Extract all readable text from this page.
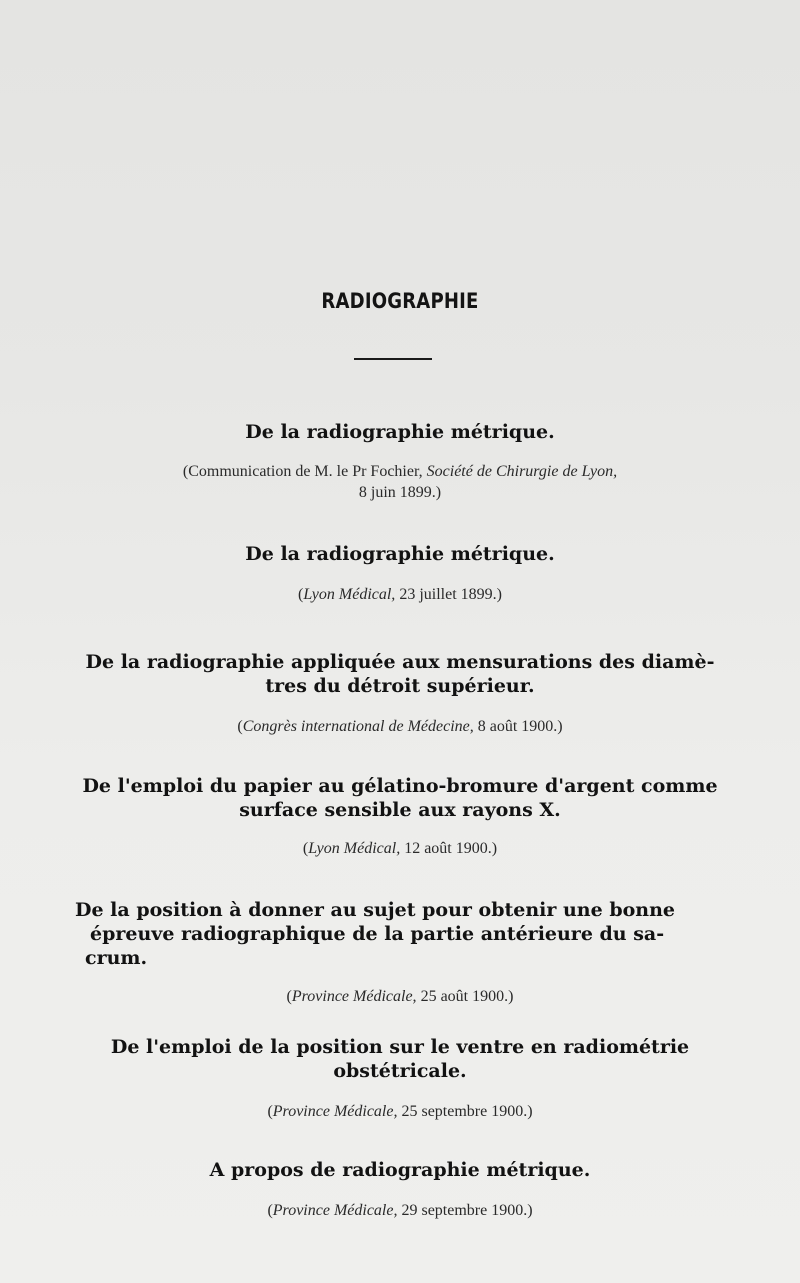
RADIOGRAPHIE
De la radiographie métrique.
(Communication de M. le Pr Fochier, Société de Chirurgie de Lyon,
8 juin 1899.)
De la radiographie métrique.
(Lyon Médical, 23 juillet 1899.)
De la radiographie appliquée aux mensurations des diamè-
tres du détroit supérieur.
(Congrès international de Médecine, 8 août 1900.)
De l'emploi du papier au gélatino-bromure d'argent comme
surface sensible aux rayons X.
(Lyon Médical, 12 août 1900.)
De la position à donner au sujet pour obtenir une bonne
épreuve radiographique de la partie antérieure du sa-
crum.
(Province Médicale, 25 août 1900.)
De l'emploi de la position sur le ventre en radiométrie
obstétricale.
(Province Médicale, 25 septembre 1900.)
A propos de radiographie métrique.
(Province Médicale, 29 septembre 1900.)
